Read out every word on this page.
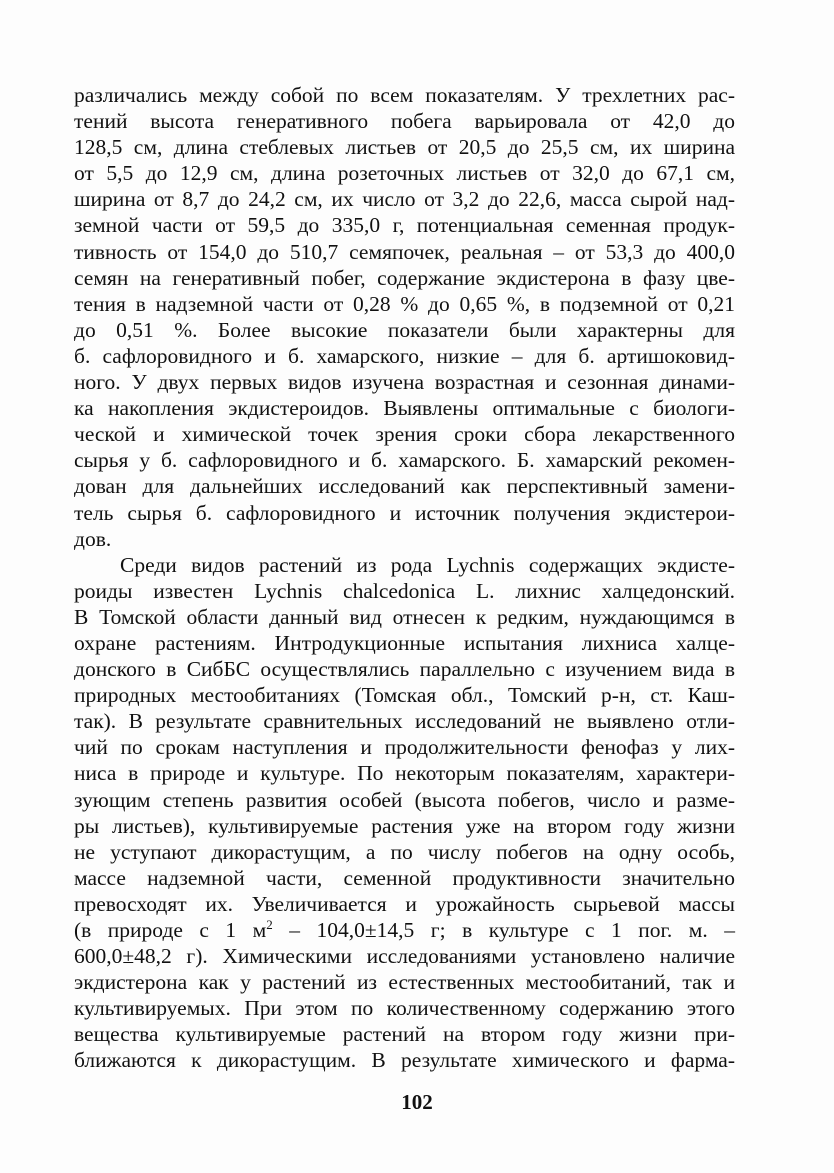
различались между собой по всем показателям. У трехлетних рас-
тений высота генеративного побега варьировала от 42,0 до
128,5 см, длина стеблевых листьев от 20,5 до 25,5 см, их ширина
от 5,5 до 12,9 см, длина розеточных листьев от 32,0 до 67,1 см,
ширина от 8,7 до 24,2 см, их число от 3,2 до 22,6, масса сырой над-
земной части от 59,5 до 335,0 г, потенциальная семенная продук-
тивность от 154,0 до 510,7 семяпочек, реальная – от 53,3 до 400,0
семян на генеративный побег, содержание экдистерона в фазу цве-
тения в надземной части от 0,28 % до 0,65 %, в подземной от 0,21
до 0,51 %. Более высокие показатели были характерны для
б. сафлоровидного и б. хамарского, низкие – для б. артишоковид-
ного. У двух первых видов изучена возрастная и сезонная динами-
ка накопления экдистероидов. Выявлены оптимальные с биологи-
ческой и химической точек зрения сроки сбора лекарственного
сырья у б. сафлоровидного и б. хамарского. Б. хамарский рекомен-
дован для дальнейших исследований как перспективный замени-
тель сырья б. сафлоровидного и источник получения экдистерои-
дов.
Среди видов растений из рода Lychnis содержащих экдисте-
роиды известен Lychnis chalcedonica L. лихнис халцедонский.
В Томской области данный вид отнесен к редким, нуждающимся в
охране растениям. Интродукционные испытания лихниса халце-
донского в СибБС осуществлялись параллельно с изучением вида в
природных местообитаниях (Томская обл., Томский р-н, ст. Каш-
так). В результате сравнительных исследований не выявлено отли-
чий по срокам наступления и продолжительности фенофаз у лих-
ниса в природе и культуре. По некоторым показателям, характери-
зующим степень развития особей (высота побегов, число и разме-
ры листьев), культивируемые растения уже на втором году жизни
не уступают дикорастущим, а по числу побегов на одну особь,
массе надземной части, семенной продуктивности значительно
превосходят их. Увеличивается и урожайность сырьевой массы
(в природе с 1 $м^2 - 104,0\pm 14,5$ г; в культуре с 1 пог. м. –
600,0±48,2 г). Химическими исследованиями установлено наличие
экдистерона как у растений из естественных местообитаний, так и
культивируемых. При этом по количественному содержанию этого
вещества культивируемые растений на втором году жизни при-
ближаются к дикорастущим. В результате химического и фарма-
102
